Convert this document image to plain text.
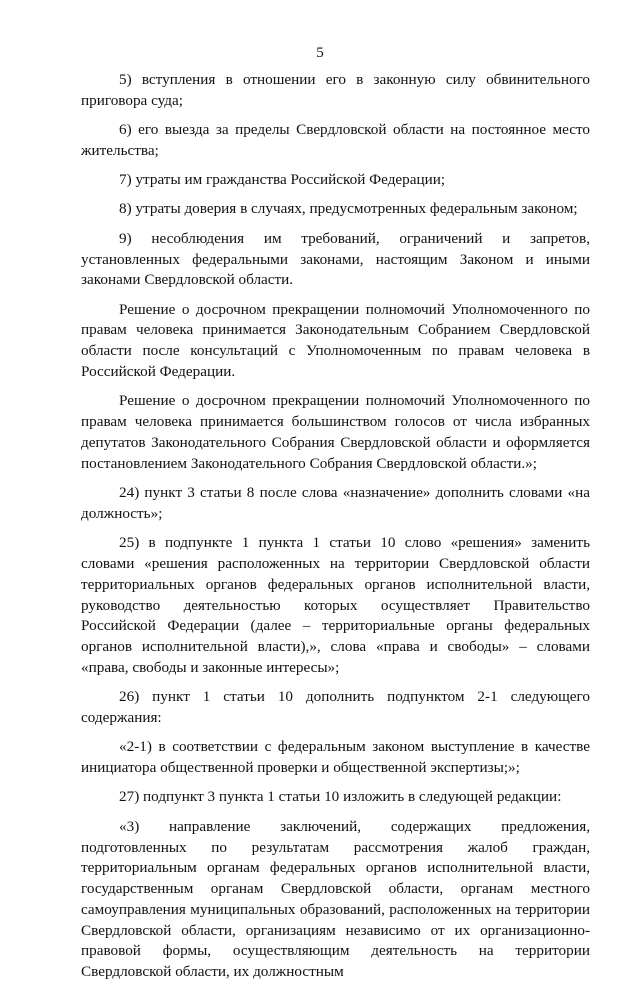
5

5) вступления в отношении его в законную силу обвинительного приговора суда;

6) его выезда за пределы Свердловской области на постоянное место жительства;

7) утраты им гражданства Российской Федерации;

8) утраты доверия в случаях, предусмотренных федеральным законом;

9) несоблюдения им требований, ограничений и запретов, установленных федеральными законами, настоящим Законом и иными законами Свердловской области.

Решение о досрочном прекращении полномочий Уполномоченного по правам человека принимается Законодательным Собранием Свердловской области после консультаций с Уполномоченным по правам человека в Российской Федерации.

Решение о досрочном прекращении полномочий Уполномоченного по правам человека принимается большинством голосов от числа избранных депутатов Законодательного Собрания Свердловской области и оформляется постановлением Законодательного Собрания Свердловской области.»;

24) пункт 3 статьи 8 после слова «назначение» дополнить словами «на должность»;

25) в подпункте 1 пункта 1 статьи 10 слово «решения» заменить словами «решения расположенных на территории Свердловской области территориальных органов федеральных органов исполнительной власти, руководство деятельностью которых осуществляет Правительство Российской Федерации (далее – территориальные органы федеральных органов исполнительной власти),», слова «права и свободы» – словами «права, свободы и законные интересы»;

26) пункт 1 статьи 10 дополнить подпунктом 2-1 следующего содержания:

«2-1) в соответствии с федеральным законом выступление в качестве инициатора общественной проверки и общественной экспертизы;»;

27) подпункт 3 пункта 1 статьи 10 изложить в следующей редакции:

«3) направление заключений, содержащих предложения, подготовленных по результатам рассмотрения жалоб граждан, территориальным органам федеральных органов исполнительной власти, государственным органам Свердловской области, органам местного самоуправления муниципальных образований, расположенных на территории Свердловской области, организациям независимо от их организационно-правовой формы, осуществляющим деятельность на территории Свердловской области, их должностным
